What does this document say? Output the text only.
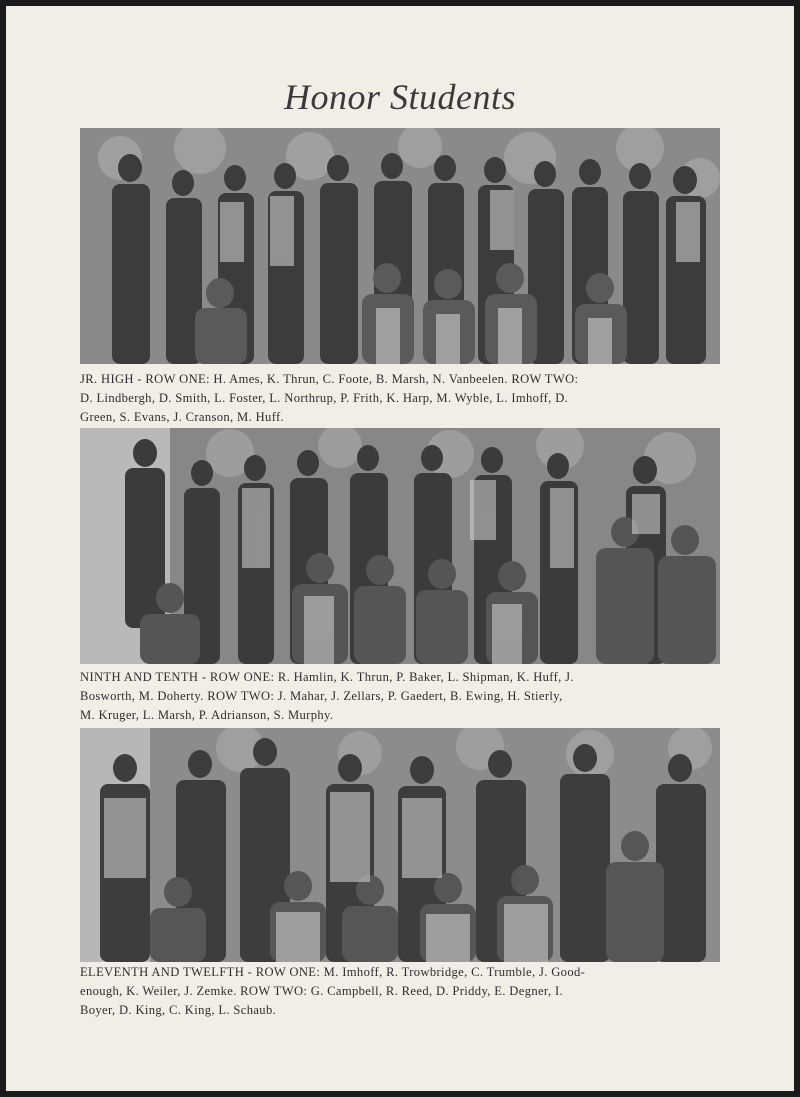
Honor Students
JR. HIGH - ROW ONE: H. Ames, K. Thrun, C. Foote, B. Marsh, N. Vanbeelen. ROW TWO:
D. Lindbergh, D. Smith, L. Foster, L. Northrup, P. Frith, K. Harp, M. Wyble, L. Imhoff, D.
Green, S. Evans, J. Cranson, M. Huff.
NINTH AND TENTH - ROW ONE: R. Hamlin, K. Thrun, P. Baker, L. Shipman, K. Huff, J.
Bosworth, M. Doherty. ROW TWO: J. Mahar, J. Zellars, P. Gaedert, B. Ewing, H. Stierly,
M. Kruger, L. Marsh, P. Adrianson, S. Murphy.
ELEVENTH AND TWELFTH - ROW ONE: M. Imhoff, R. Trowbridge, C. Trumble, J. Good-
enough, K. Weiler, J. Zemke. ROW TWO: G. Campbell, R. Reed, D. Priddy, E. Degner, I.
Boyer, D. King, C. King, L. Schaub.
